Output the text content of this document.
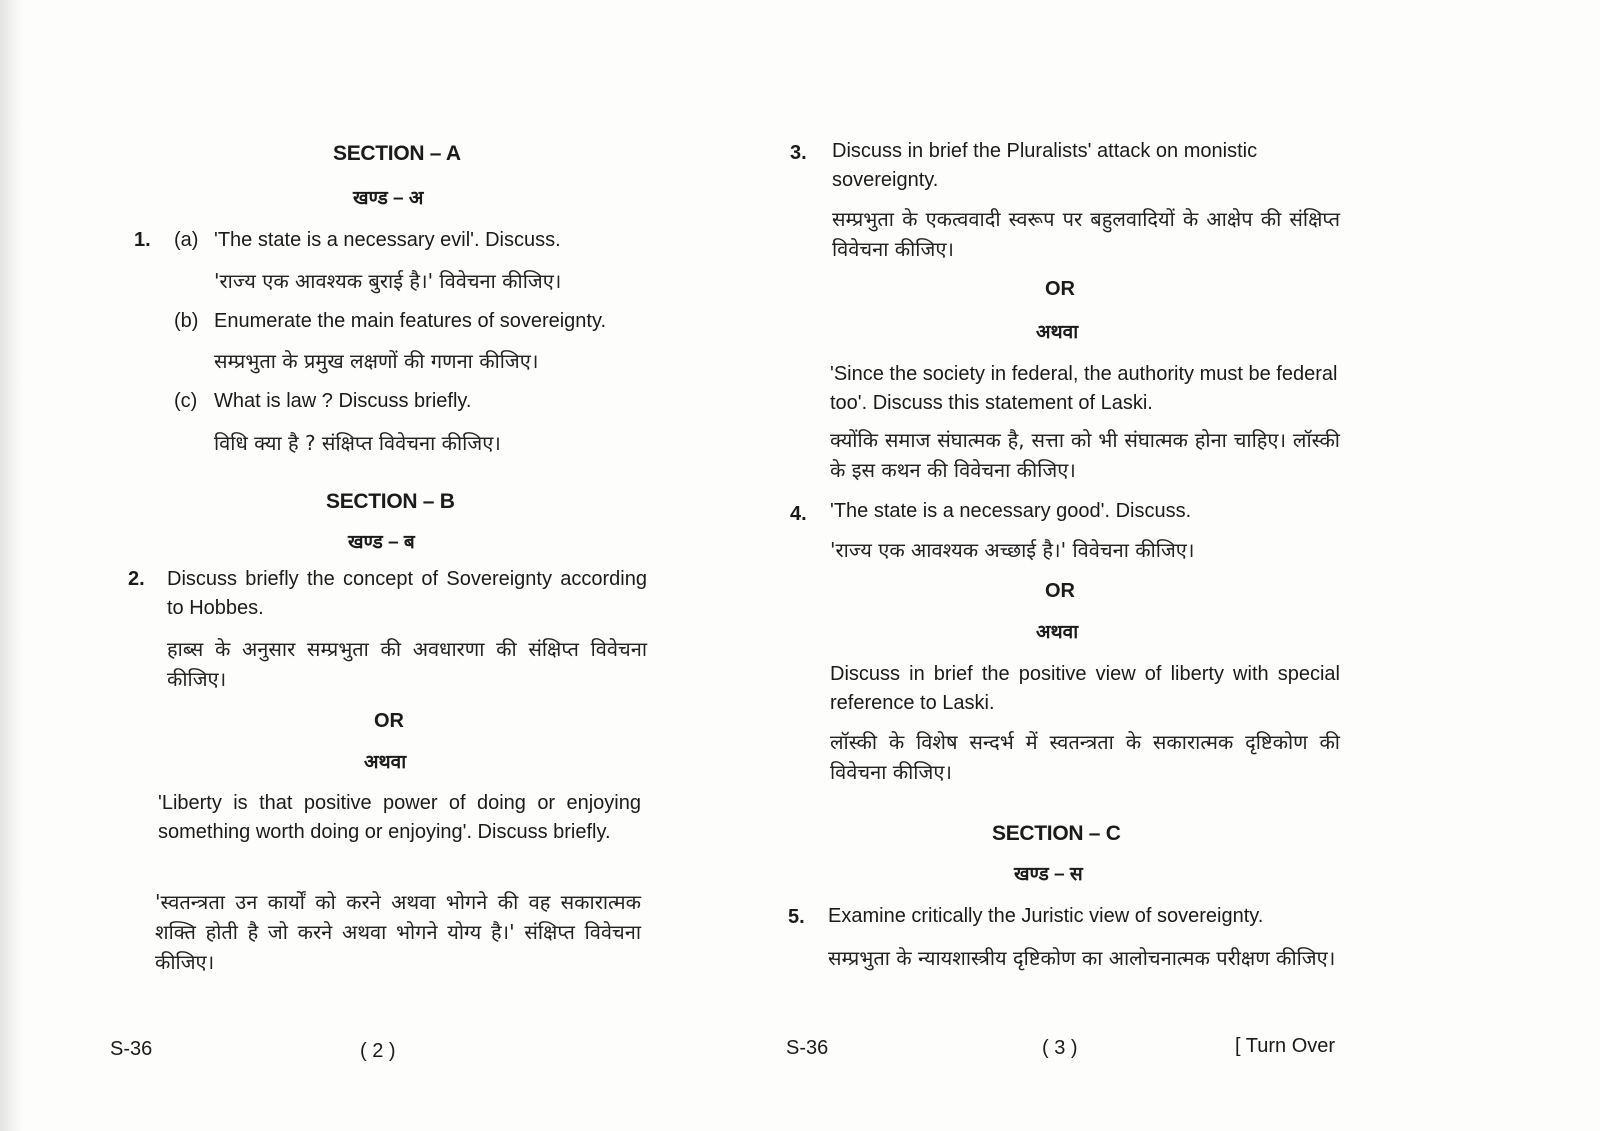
SECTION – A
खण्ड – अ
1. (a) 'The state is a necessary evil'. Discuss.
'राज्य एक आवश्यक बुराई है।' विवेचना कीजिए।
(b) Enumerate the main features of sovereignty.
सम्प्रभुता के प्रमुख लक्षणों की गणना कीजिए।
(c) What is law ? Discuss briefly.
विधि क्या है ? संक्षिप्त विवेचना कीजिए।
SECTION – B
खण्ड – ब
2. Discuss briefly the concept of Sovereignty according to Hobbes.
हाब्स के अनुसार सम्प्रभुता की अवधारणा की संक्षिप्त विवेचना कीजिए।
OR
अथवा
'Liberty is that positive power of doing or enjoying something worth doing or enjoying'. Discuss briefly.
'स्वतन्त्रता उन कार्यों को करने अथवा भोगने की वह सकारात्मक शक्ति होती है जो करने अथवा भोगने योग्य है।' संक्षिप्त विवेचना कीजिए।
S-36	( 2 )
3. Discuss in brief the Pluralists' attack on monistic sovereignty.
सम्प्रभुता के एकत्ववादी स्वरूप पर बहुलवादियों के आक्षेप की संक्षिप्त विवेचना कीजिए।
OR
अथवा
'Since the society in federal, the authority must be federal too'. Discuss this statement of Laski.
क्योंकि समाज संघात्मक है, सत्ता को भी संघात्मक होना चाहिए। लॉस्की के इस कथन की विवेचना कीजिए।
4. 'The state is a necessary good'. Discuss.
'राज्य एक आवश्यक अच्छाई है।' विवेचना कीजिए।
OR
अथवा
Discuss in brief the positive view of liberty with special reference to Laski.
लॉस्की के विशेष सन्दर्भ में स्वतन्त्रता के सकारात्मक दृष्टिकोण की विवेचना कीजिए।
SECTION – C
खण्ड – स
5. Examine critically the Juristic view of sovereignty.
सम्प्रभुता के न्यायशास्त्रीय दृष्टिकोण का आलोचनात्मक परीक्षण कीजिए।
S-36	( 3 )	[ Turn Over
